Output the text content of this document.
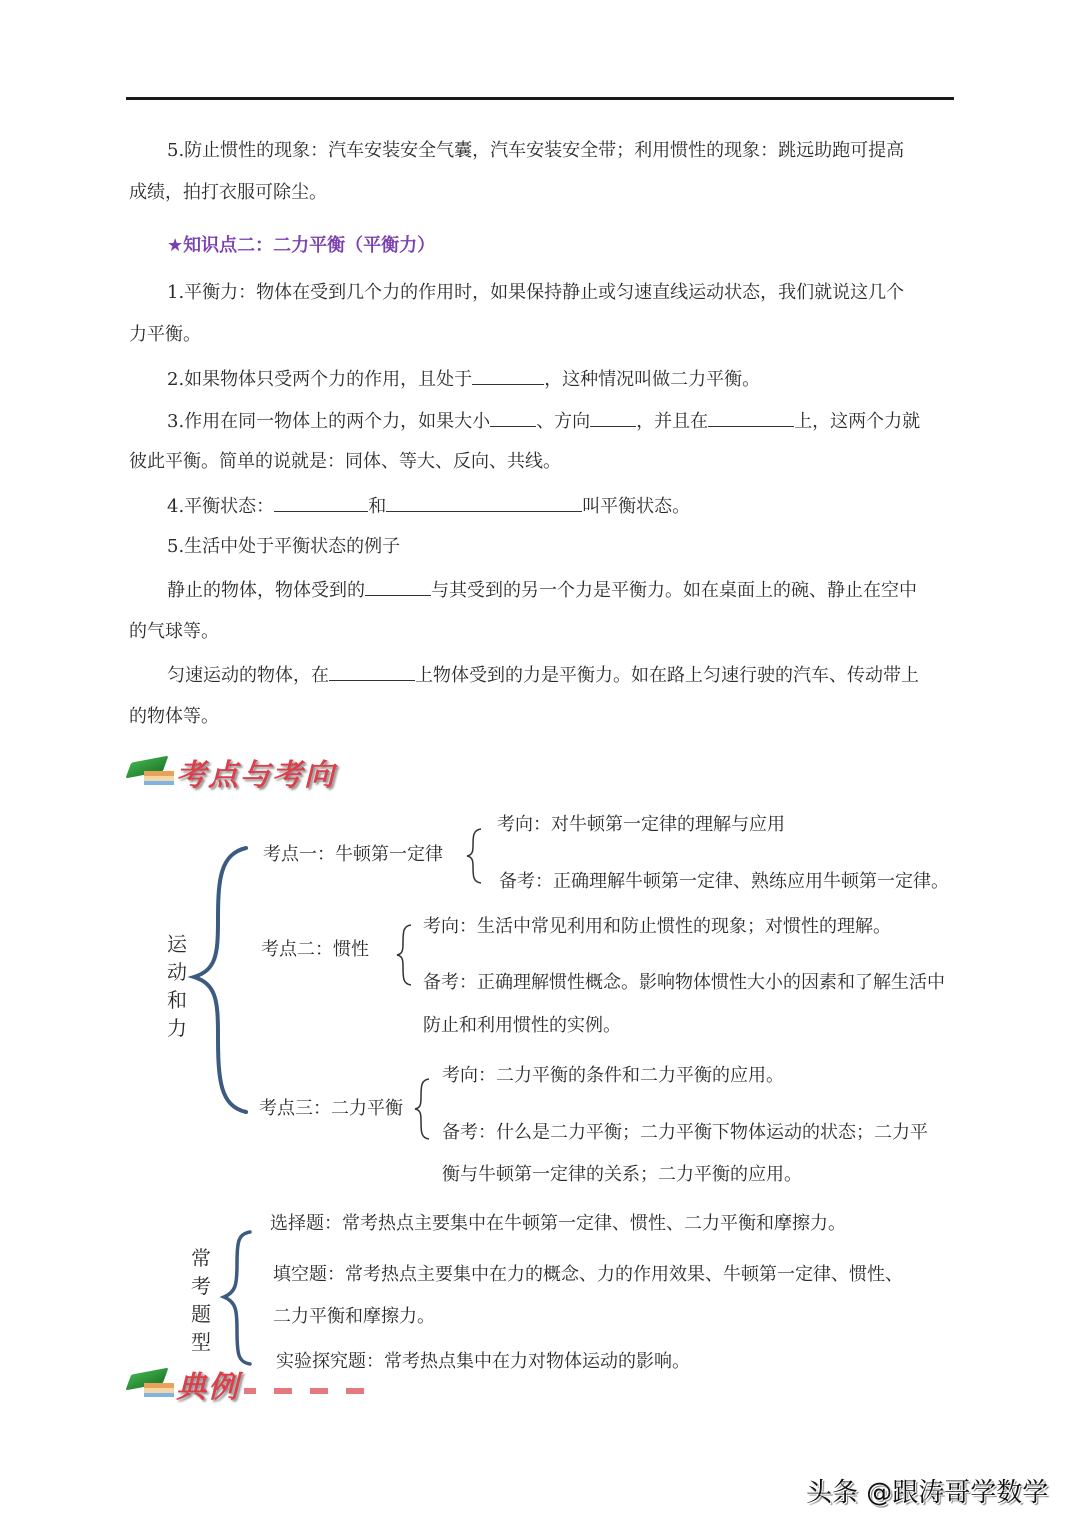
5.防止惯性的现象：汽车安装安全气囊，汽车安装安全带；利用惯性的现象：跳远助跑可提高
成绩，拍打衣服可除尘。
★知识点二：二力平衡（平衡力）
1.平衡力：物体在受到几个力的作用时，如果保持静止或匀速直线运动状态，我们就说这几个
力平衡。
2.如果物体只受两个力的作用，且处于	，这种情况叫做二力平衡。
3.作用在同一物体上的两个力，如果大小	、方向	，并且在	上，这两个力就
彼此平衡。简单的说就是：同体、等大、反向、共线。
4.平衡状态：	和	叫平衡状态。
5.生活中处于平衡状态的例子
静止的物体，物体受到的	与其受到的另一个力是平衡力。如在桌面上的碗、静止在空中
的气球等。
匀速运动的物体，在	上物体受到的力是平衡力。如在路上匀速行驶的汽车、传动带上
的物体等。
考点与考向
运
动
和
力
考点一：牛顿第一定律
考向：对牛顿第一定律的理解与应用
备考：正确理解牛顿第一定律、熟练应用牛顿第一定律。
考点二：惯性
考向：生活中常见利用和防止惯性的现象；对惯性的理解。
备考：正确理解惯性概念。影响物体惯性大小的因素和了解生活中
防止和利用惯性的实例。
考点三：二力平衡
考向：二力平衡的条件和二力平衡的应用。
备考：什么是二力平衡；二力平衡下物体运动的状态；二力平
衡与牛顿第一定律的关系；二力平衡的应用。
常
考
题
型
选择题：常考热点主要集中在牛顿第一定律、惯性、二力平衡和摩擦力。
填空题：常考热点主要集中在力的概念、力的作用效果、牛顿第一定律、惯性、
二力平衡和摩擦力。
实验探究题：常考热点集中在力对物体运动的影响。
典例
头条 @跟涛哥学数学
